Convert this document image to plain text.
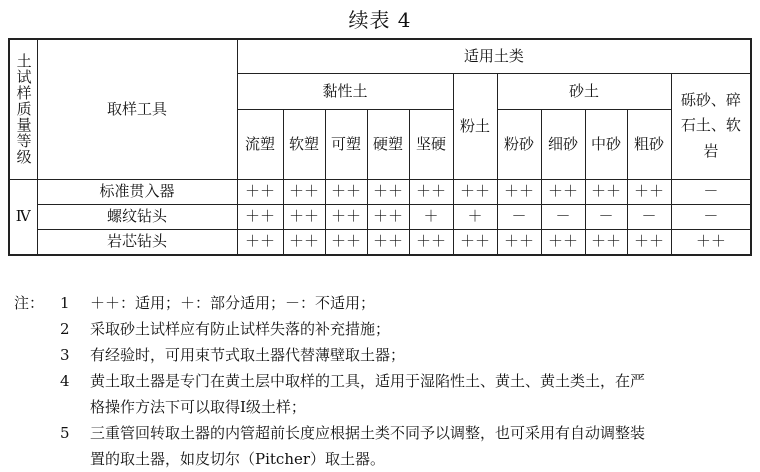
续表 4
土试样质量等级	取样工具	适用土类										
		黏性土					粉土	砂土				砾砂、碎石土、软岩

		流塑	软塑	可塑	硬塑	坚硬		粉砂	细砂	中砂	粗砂	

Ⅳ	标准贯入器	＋＋	＋＋	＋＋	＋＋	＋＋	＋＋	＋＋	＋＋	＋＋	＋＋	－
	螺纹钻头	＋＋	＋＋	＋＋	＋＋	＋	＋	－	－	－	－	－
	岩芯钻头	＋＋	＋＋	＋＋	＋＋	＋＋	＋＋	＋＋	＋＋	＋＋	＋＋	＋＋
注： 1 ＋＋：适用；＋：部分适用；－：不适用；
2 采取砂土试样应有防止试样失落的补充措施；
3 有经验时，可用束节式取土器代替薄壁取土器；
4 黄土取土器是专门在黄土层中取样的工具，适用于湿陷性土、黄土、黄土类土，在严
格操作方法下可以取得Ⅰ级土样；
5 三重管回转取土器的内管超前长度应根据土类不同予以调整，也可采用有自动调整装
置的取土器，如皮切尔（Pitcher）取土器。
